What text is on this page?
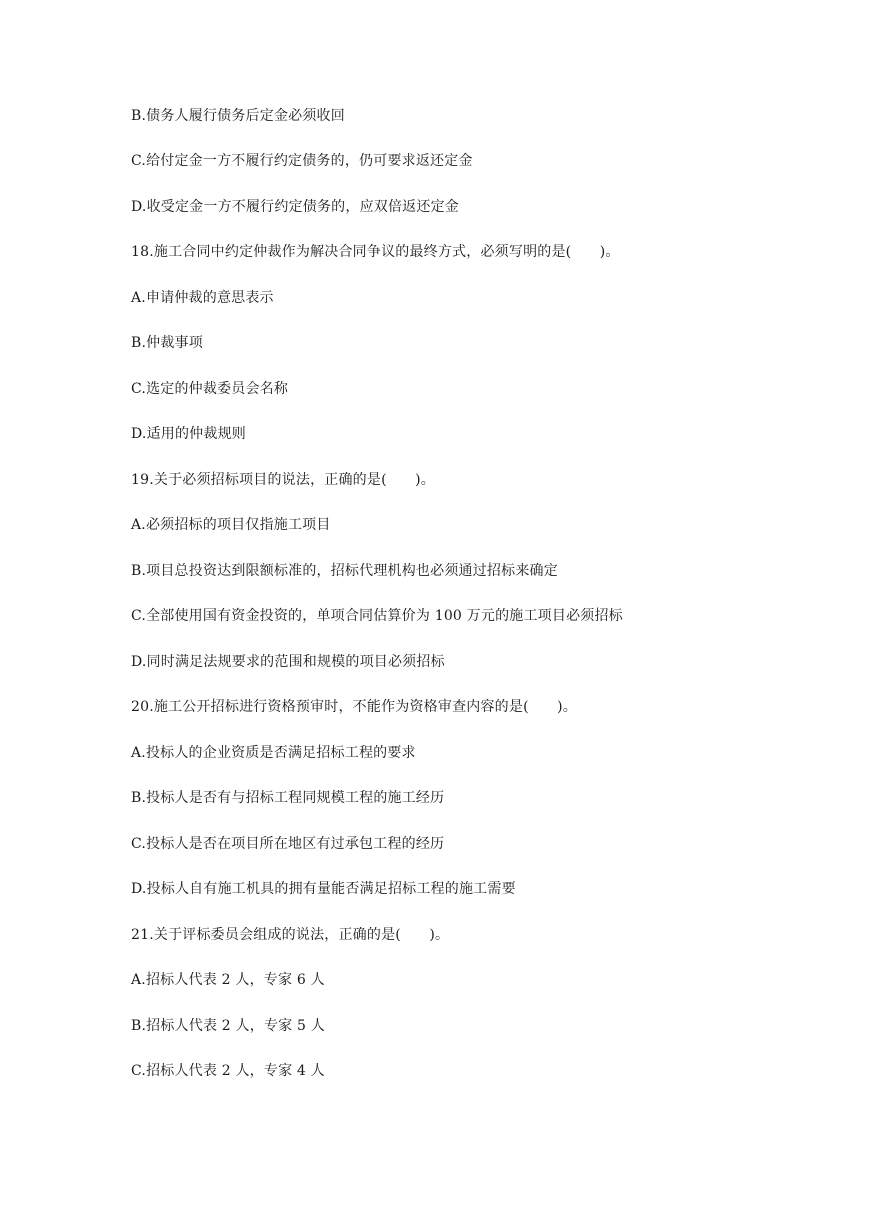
B.债务人履行债务后定金必须收回
C.给付定金一方不履行约定债务的，仍可要求返还定金
D.收受定金一方不履行约定债务的，应双倍返还定金
18.施工合同中约定仲裁作为解决合同争议的最终方式，必须写明的是(　　)。
A.申请仲裁的意思表示
B.仲裁事项
C.选定的仲裁委员会名称
D.适用的仲裁规则
19.关于必须招标项目的说法，正确的是(　　)。
A.必须招标的项目仅指施工项目
B.项目总投资达到限额标准的，招标代理机构也必须通过招标来确定
C.全部使用国有资金投资的，单项合同估算价为 100 万元的施工项目必须招标
D.同时满足法规要求的范围和规模的项目必须招标
20.施工公开招标进行资格预审时，不能作为资格审查内容的是(　　)。
A.投标人的企业资质是否满足招标工程的要求
B.投标人是否有与招标工程同规模工程的施工经历
C.投标人是否在项目所在地区有过承包工程的经历
D.投标人自有施工机具的拥有量能否满足招标工程的施工需要
21.关于评标委员会组成的说法，正确的是(　　)。
A.招标人代表 2 人，专家 6 人
B.招标人代表 2 人，专家 5 人
C.招标人代表 2 人，专家 4 人
